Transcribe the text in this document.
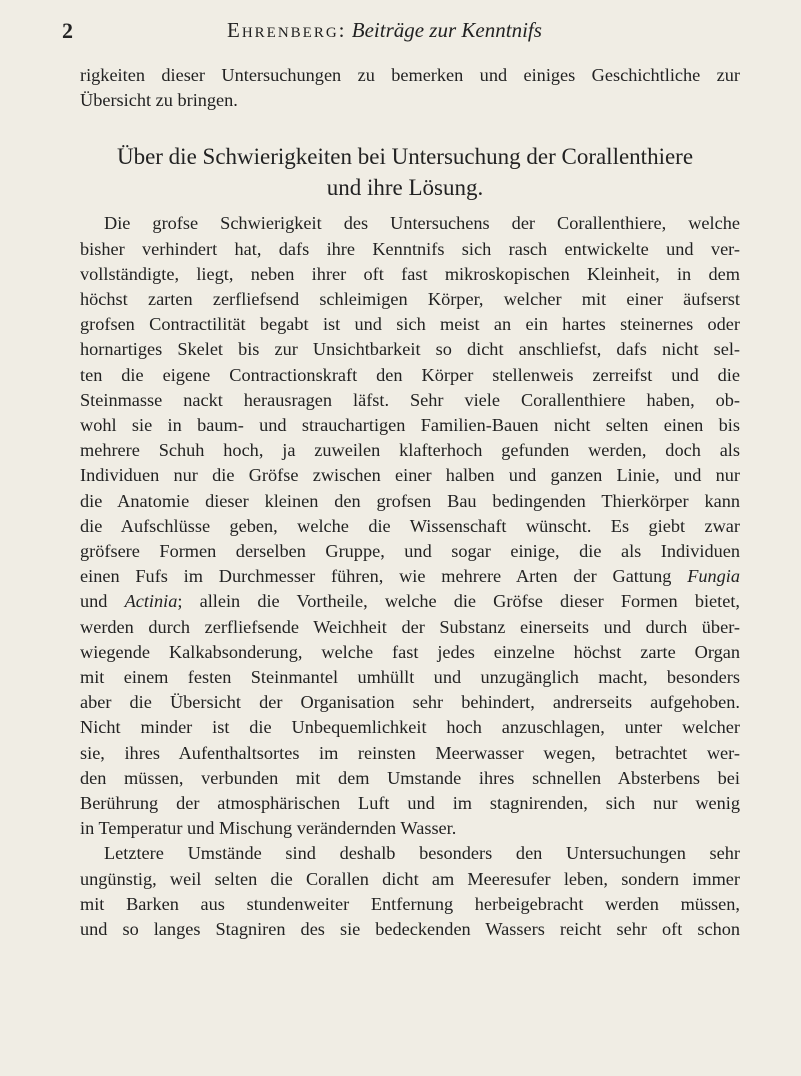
2	Ehrenberg: Beiträge zur Kenntnifs

rigkeiten dieser Untersuchungen zu bemerken und einiges Geschichtliche zur
Übersicht zu bringen.

Über die Schwierigkeiten bei Untersuchung der Corallenthiere
und ihre Lösung.

Die grofse Schwierigkeit des Untersuchens der Corallenthiere, welche
bisher verhindert hat, dafs ihre Kenntnifs sich rasch entwickelte und ver-
vollständigte, liegt, neben ihrer oft fast mikroskopischen Kleinheit, in dem
höchst zarten zerfliefsend schleimigen Körper, welcher mit einer äufserst
grofsen Contractilität begabt ist und sich meist an ein hartes steinernes oder
hornartiges Skelet bis zur Unsichtbarkeit so dicht anschliefst, dafs nicht sel-
ten die eigene Contractionskraft den Körper stellenweis zerreifst und die
Steinmasse nackt herausragen läfst. Sehr viele Corallenthiere haben, ob-
wohl sie in baum- und strauchartigen Familien-Bauen nicht selten einen bis
mehrere Schuh hoch, ja zuweilen klafterhoch gefunden werden, doch als
Individuen nur die Gröfse zwischen einer halben und ganzen Linie, und nur
die Anatomie dieser kleinen den grofsen Bau bedingenden Thierkörper kann
die Aufschlüsse geben, welche die Wissenschaft wünscht. Es giebt zwar
gröfsere Formen derselben Gruppe, und sogar einige, die als Individuen
einen Fufs im Durchmesser führen, wie mehrere Arten der Gattung Fungia
und Actinia; allein die Vortheile, welche die Gröfse dieser Formen bietet,
werden durch zerfliefsende Weichheit der Substanz einerseits und durch über-
wiegende Kalkabsonderung, welche fast jedes einzelne höchst zarte Organ
mit einem festen Steinmantel umhüllt und unzugänglich macht, besonders
aber die Übersicht der Organisation sehr behindert, andrerseits aufgehoben.
Nicht minder ist die Unbequemlichkeit hoch anzuschlagen, unter welcher
sie, ihres Aufenthaltsortes im reinsten Meerwasser wegen, betrachtet wer-
den müssen, verbunden mit dem Umstande ihres schnellen Absterbens bei
Berührung der atmosphärischen Luft und im stagnirenden, sich nur wenig
in Temperatur und Mischung verändernden Wasser.
Letztere Umstände sind deshalb besonders den Untersuchungen sehr
ungünstig, weil selten die Corallen dicht am Meeresufer leben, sondern immer
mit Barken aus stundenweiter Entfernung herbeigebracht werden müssen,
und so langes Stagniren des sie bedeckenden Wassers reicht sehr oft schon
